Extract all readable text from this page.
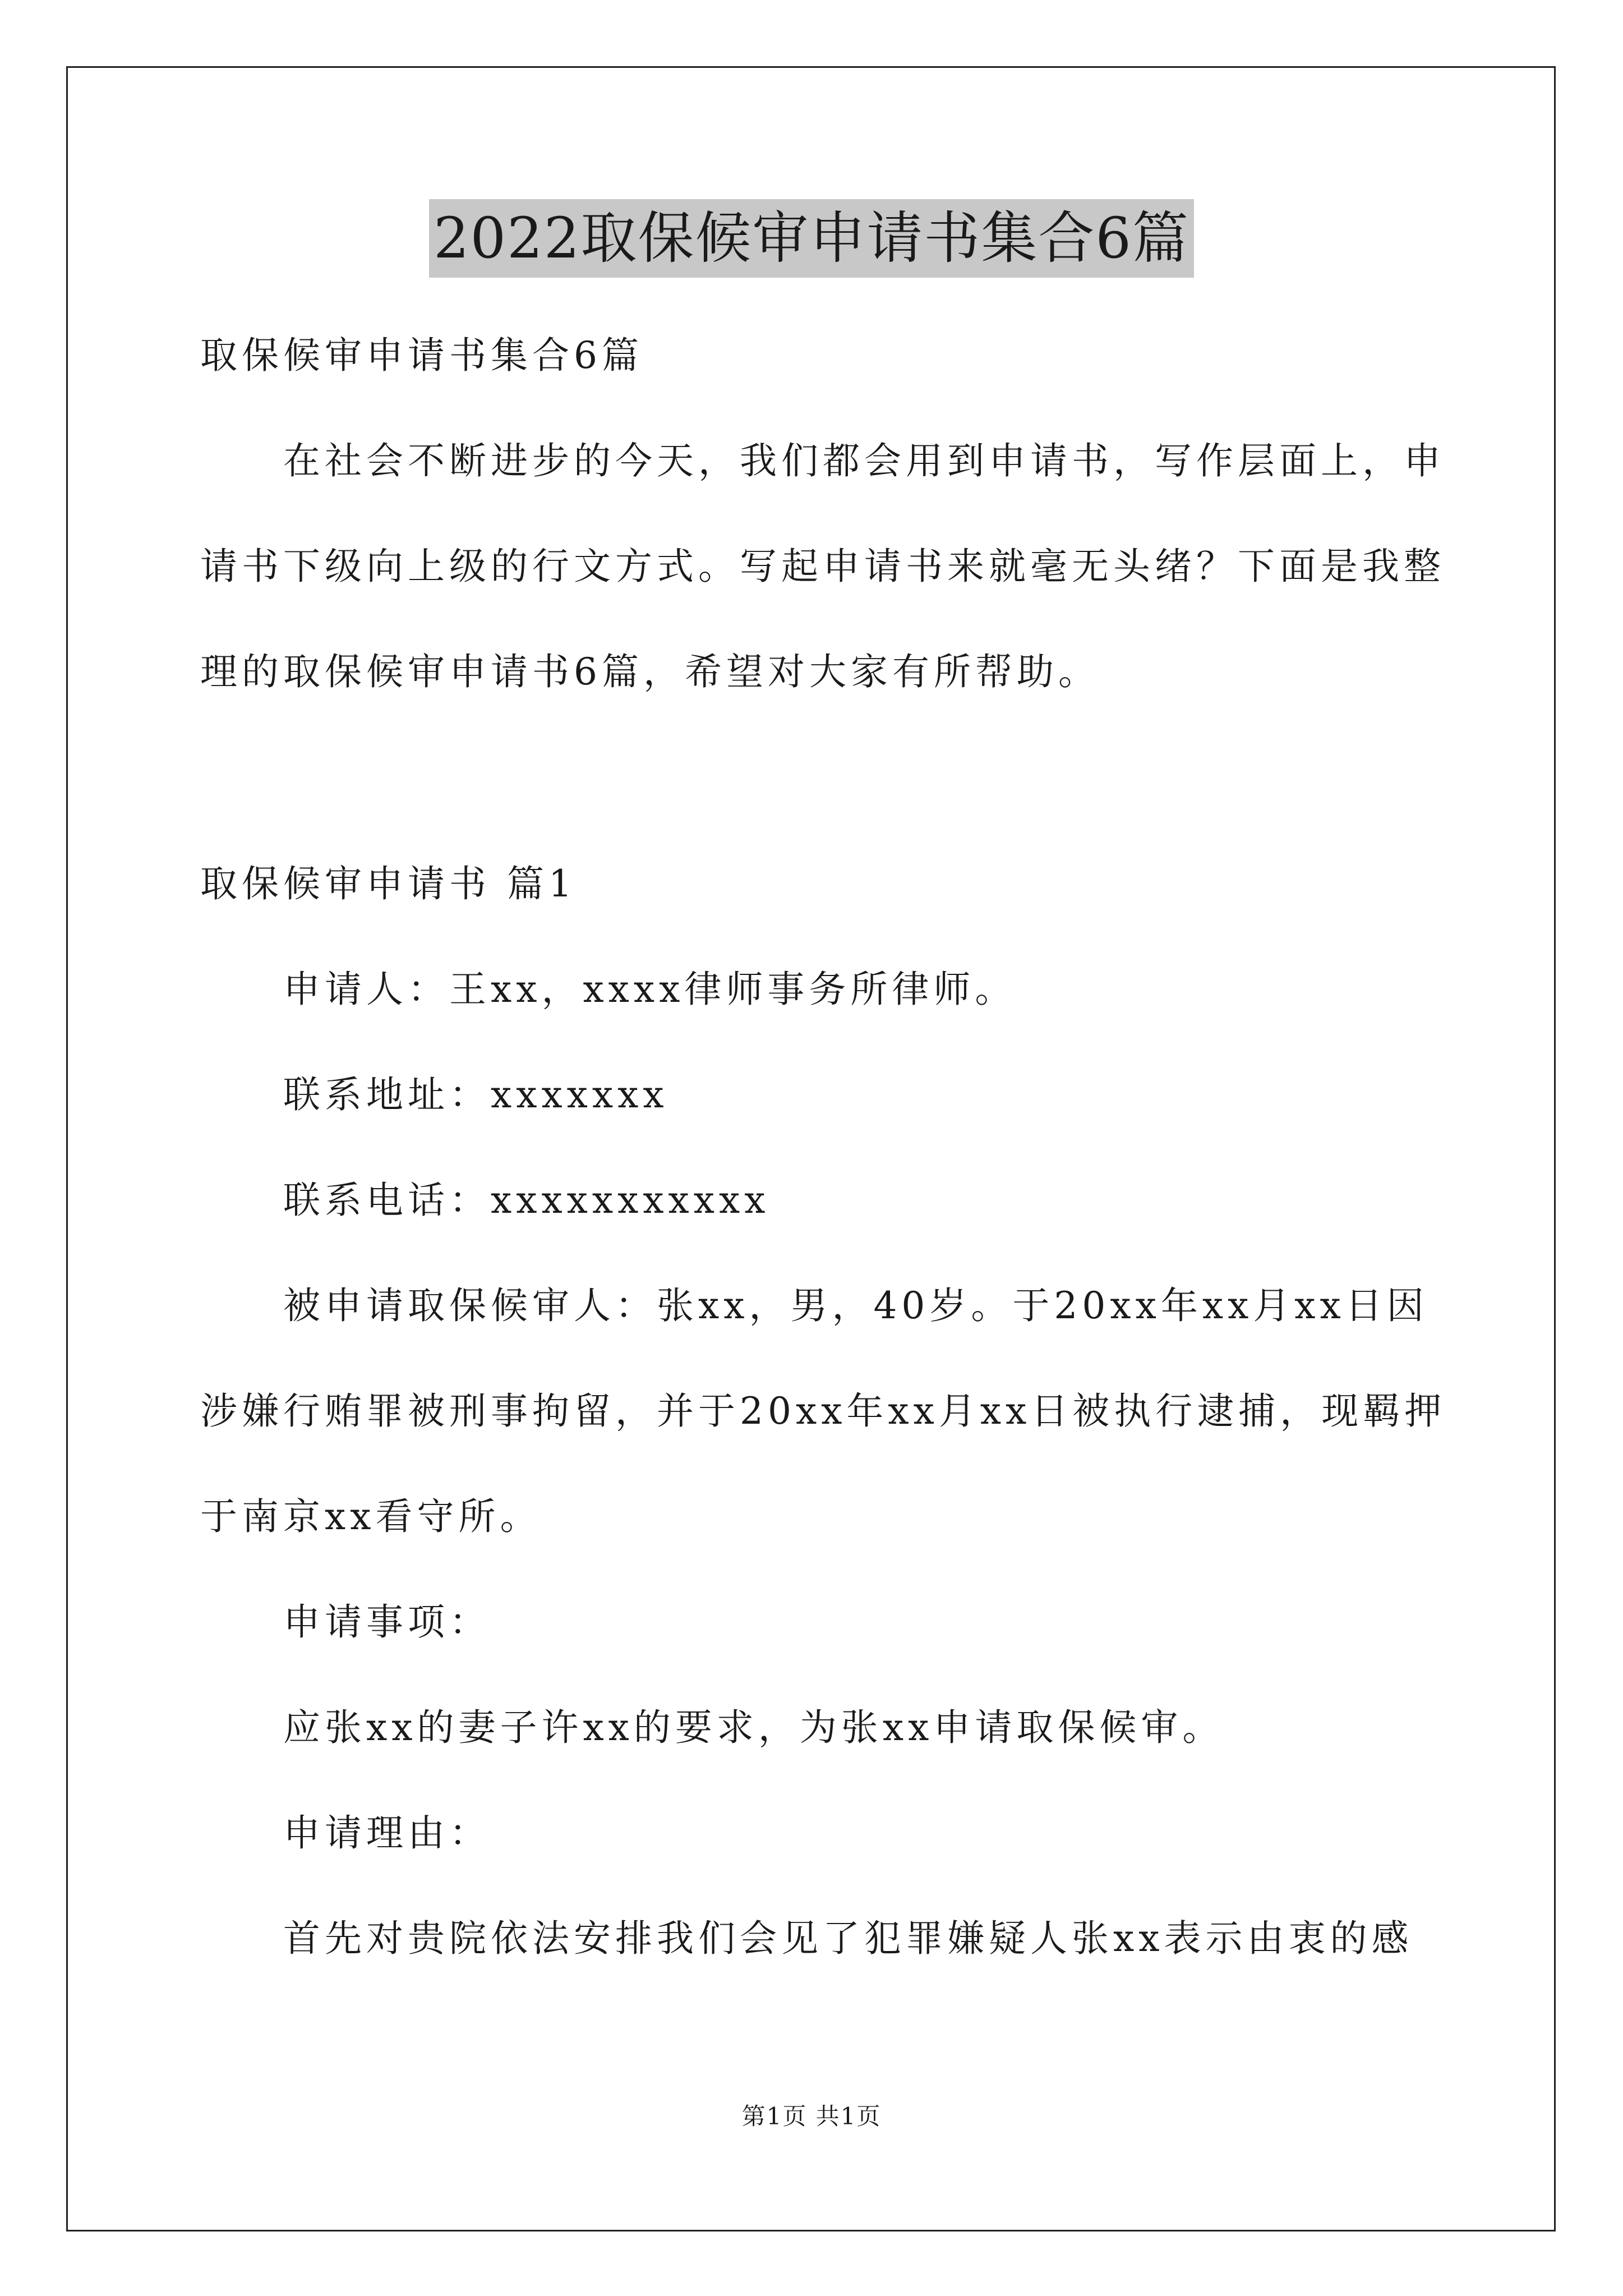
2022取保候审申请书集合6篇

取保候审申请书集合6篇

在社会不断进步的今天，我们都会用到申请书，写作层面上，申

请书下级向上级的行文方式。写起申请书来就毫无头绪？下面是我整

理的取保候审申请书6篇，希望对大家有所帮助。

取保候审申请书 篇1

申请人：王xx，xxxx律师事务所律师。

联系地址：xxxxxxx

联系电话：xxxxxxxxxxx

被申请取保候审人：张xx，男，40岁。于20xx年xx月xx日因

涉嫌行贿罪被刑事拘留，并于20xx年xx月xx日被执行逮捕，现羁押

于南京xx看守所。

申请事项：

应张xx的妻子许xx的要求，为张xx申请取保候审。

申请理由：

首先对贵院依法安排我们会见了犯罪嫌疑人张xx表示由衷的感

第1页 共1页
